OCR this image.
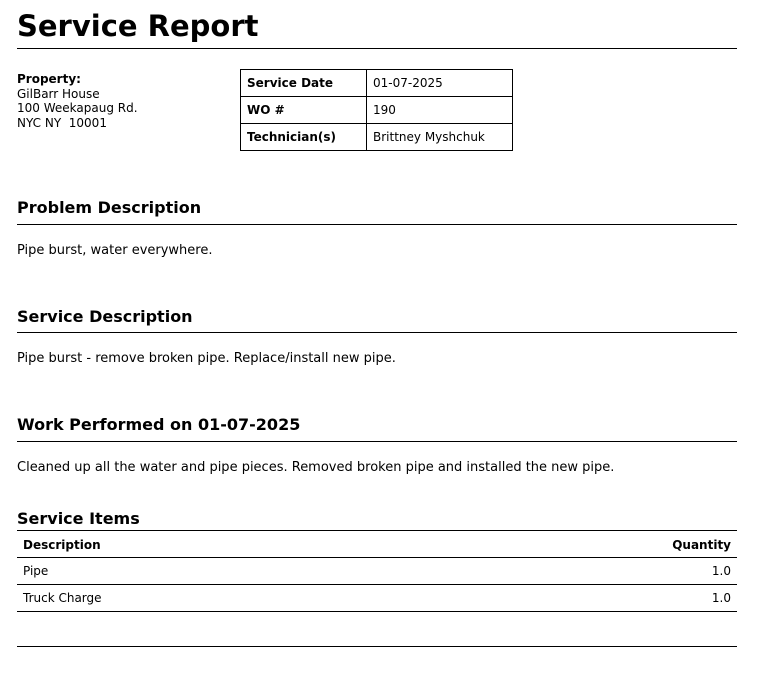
Service Report
Property:
GilBarr House
100 Weekapaug Rd.
NYC NY  10001
Service Date	01-07-2025
WO #	190
Technician(s)	Brittney Myshchuk
Problem Description
Pipe burst, water everywhere.
Service Description
Pipe burst - remove broken pipe. Replace/install new pipe.
Work Performed on 01-07-2025
Cleaned up all the water and pipe pieces. Removed broken pipe and installed the new pipe.
Service Items
Description	Quantity
Pipe	1.0
Truck Charge	1.0
